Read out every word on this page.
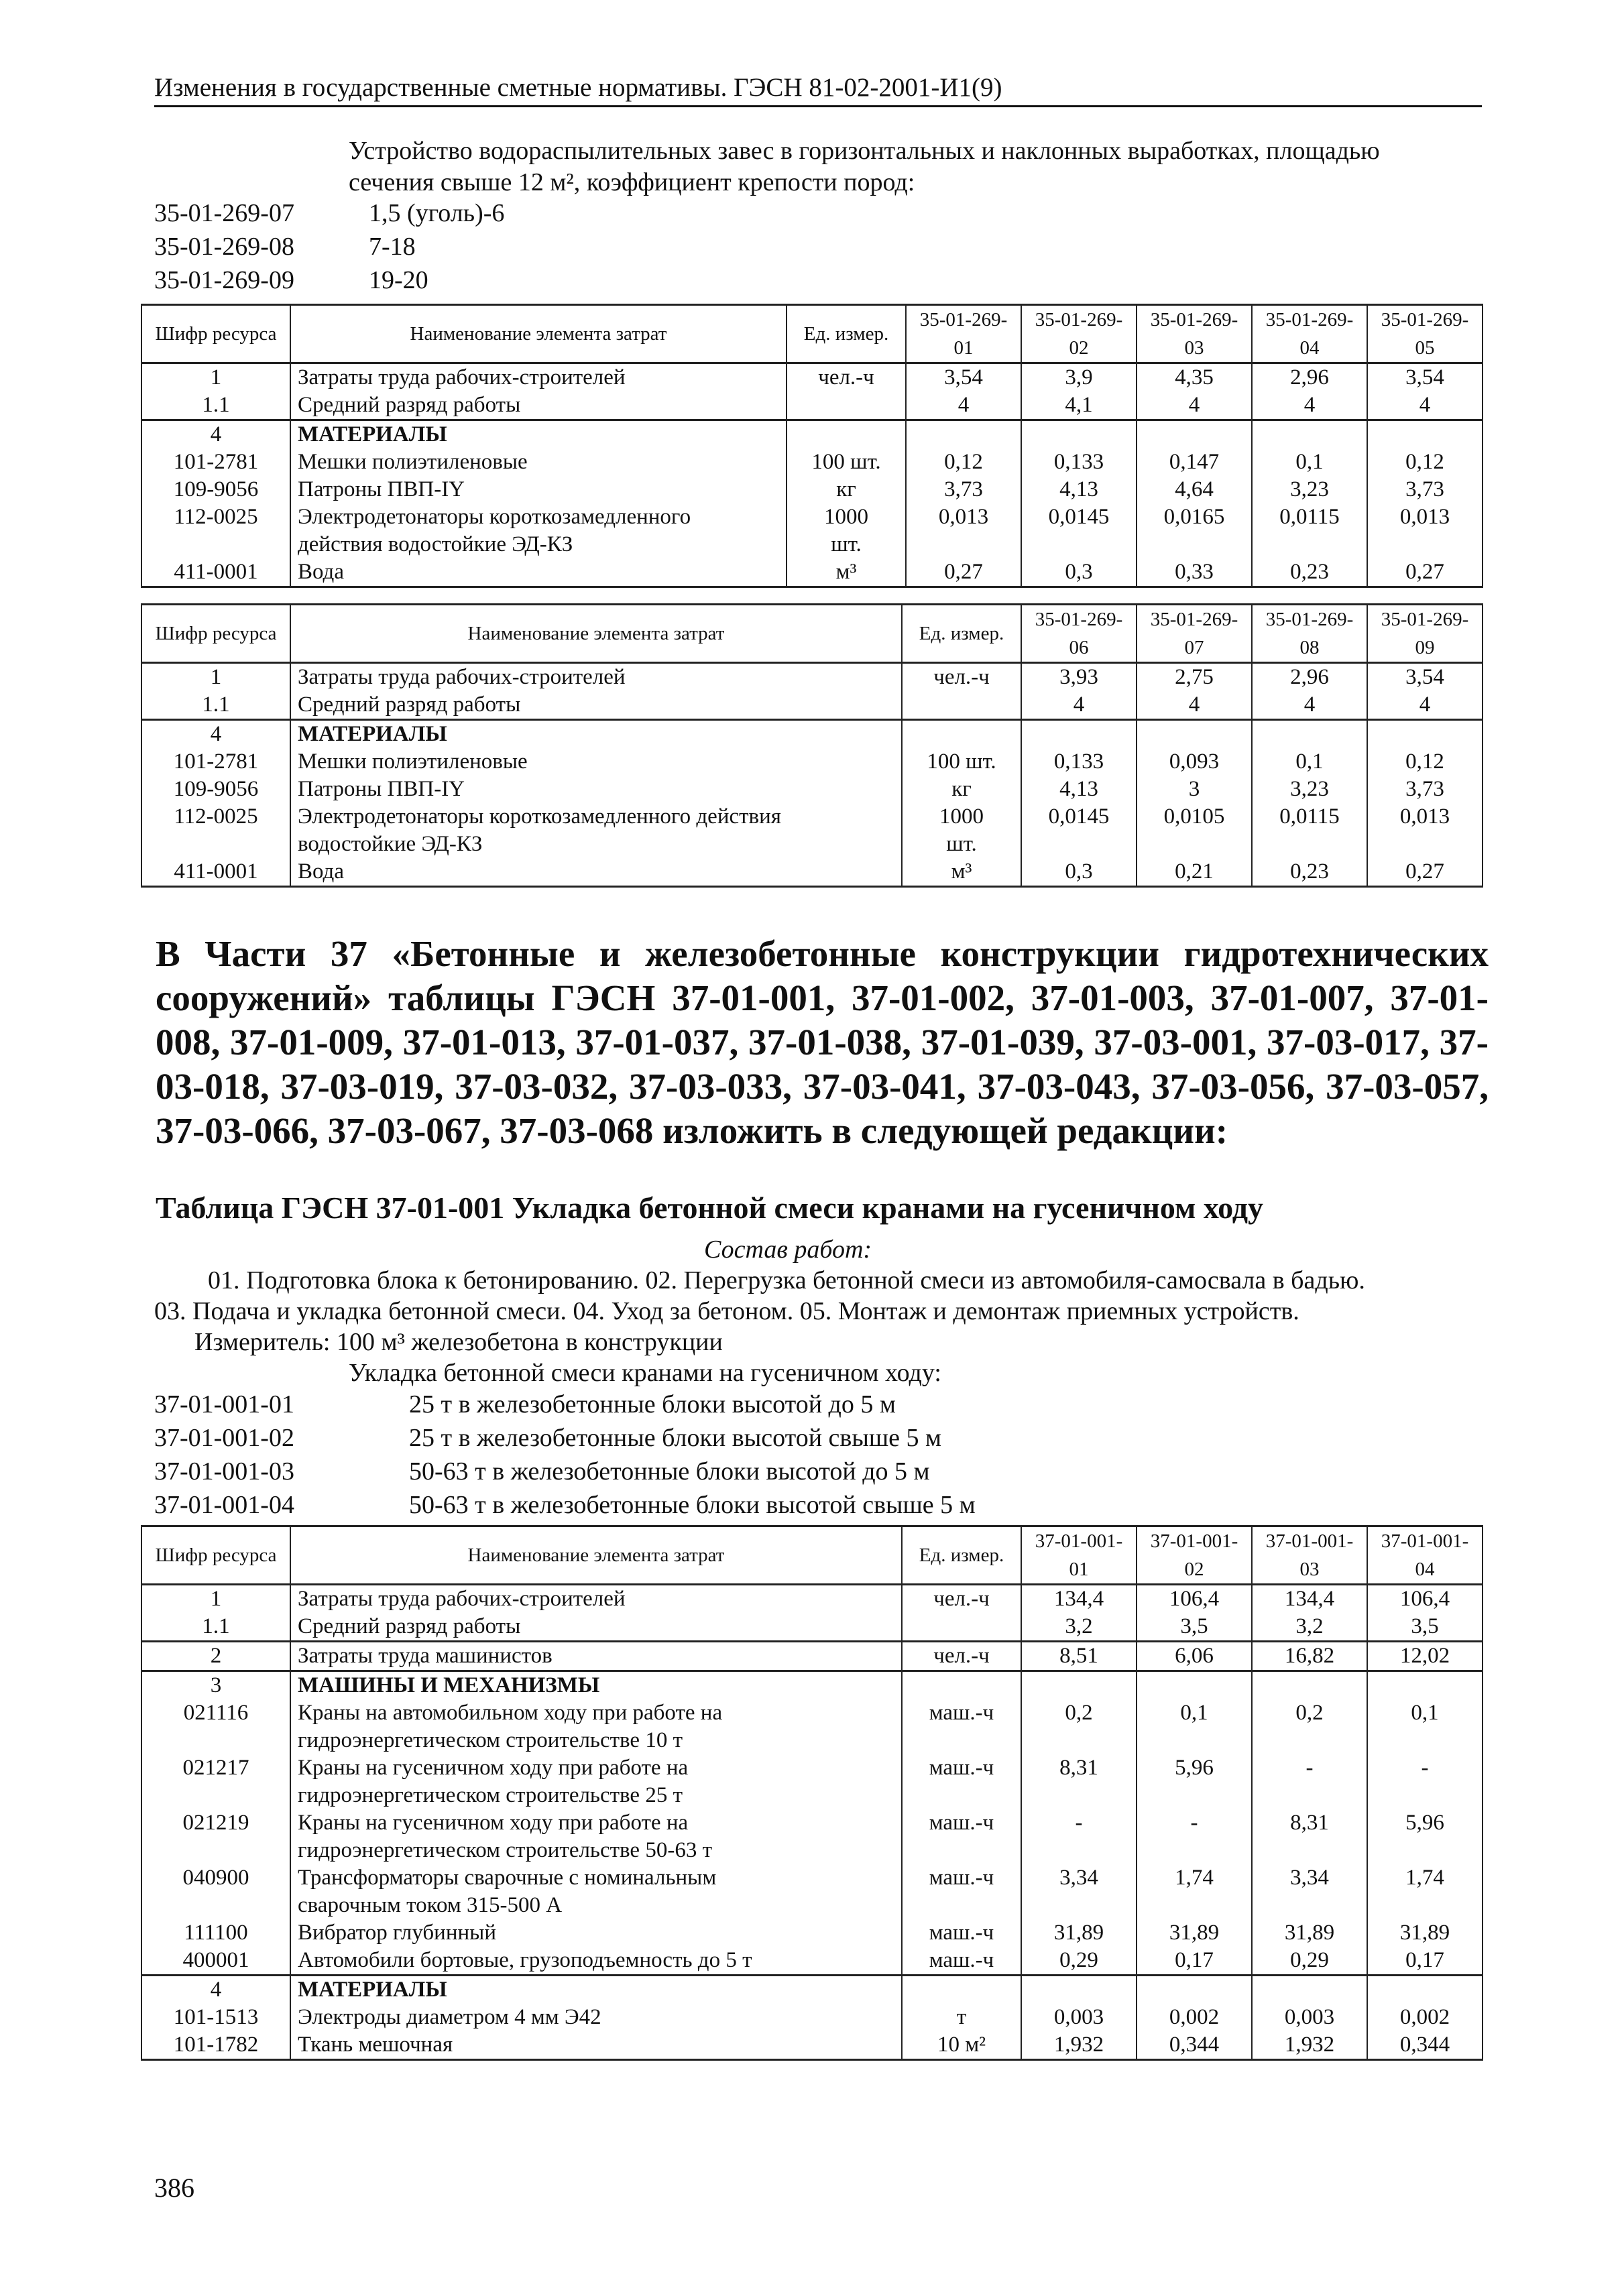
Изменения в государственные сметные нормативы. ГЭСН 81-02-2001-И1(9)
Устройство водораспылительных завес в горизонтальных и наклонных выработках, площадью
сечения свыше 12 м², коэффициент крепости пород:
35-01-269-07	1,5 (уголь)-6
35-01-269-08	7-18
35-01-269-09	19-20
Шифр ресурса	Наименование элемента затрат	Ед. измер.	35-01-269-01	35-01-269-02	35-01-269-03	35-01-269-04	35-01-269-05
1	Затраты труда рабочих-строителей	чел.-ч	3,54	3,9	4,35	2,96	3,54
1.1	Средний разряд работы		4	4,1	4	4	4
4	МАТЕРИАЛЫ						
101-2781	Мешки полиэтиленовые	100 шт.	0,12	0,133	0,147	0,1	0,12
109-9056	Патроны ПВП-IY	кг	3,73	4,13	4,64	3,23	3,73
112-0025	Электродетонаторы короткозамедленного	1000	0,013	0,0145	0,0165	0,0115	0,013
	действия водостойкие ЭД-КЗ	шт.					
411-0001	Вода	м³	0,27	0,3	0,33	0,23	0,27
Шифр ресурса	Наименование элемента затрат	Ед. измер.	35-01-269-06	35-01-269-07	35-01-269-08	35-01-269-09
1	Затраты труда рабочих-строителей	чел.-ч	3,93	2,75	2,96	3,54
1.1	Средний разряд работы		4	4	4	4
4	МАТЕРИАЛЫ					
101-2781	Мешки полиэтиленовые	100 шт.	0,133	0,093	0,1	0,12
109-9056	Патроны ПВП-IY	кг	4,13	3	3,23	3,73
112-0025	Электродетонаторы короткозамедленного действия	1000	0,0145	0,0105	0,0115	0,013
	водостойкие ЭД-КЗ	шт.				
411-0001	Вода	м³	0,3	0,21	0,23	0,27
В Части 37 «Бетонные и железобетонные конструкции гидротехнических сооружений» таблицы ГЭСН 37-01-001, 37-01-002, 37-01-003, 37-01-007, 37-01-008, 37-01-009, 37-01-013, 37-01-037, 37-01-038, 37-01-039, 37-03-001, 37-03-017, 37-03-018, 37-03-019, 37-03-032, 37-03-033, 37-03-041, 37-03-043, 37-03-056, 37-03-057, 37-03-066, 37-03-067, 37-03-068 изложить в следующей редакции:
Таблица ГЭСН 37-01-001 Укладка бетонной смеси кранами на гусеничном ходу
Состав работ:
01. Подготовка блока к бетонированию. 02. Перегрузка бетонной смеси из автомобиля-самосвала в бадью.
03. Подача и укладка бетонной смеси. 04. Уход за бетоном. 05. Монтаж и демонтаж приемных устройств.
Измеритель: 100 м³ железобетона в конструкции
Укладка бетонной смеси кранами на гусеничном ходу:
37-01-001-01	25 т в железобетонные блоки высотой до 5 м
37-01-001-02	25 т в железобетонные блоки высотой свыше 5 м
37-01-001-03	50-63 т в железобетонные блоки высотой до 5 м
37-01-001-04	50-63 т в железобетонные блоки высотой свыше 5 м
Шифр ресурса	Наименование элемента затрат	Ед. измер.	37-01-001-01	37-01-001-02	37-01-001-03	37-01-001-04
1	Затраты труда рабочих-строителей	чел.-ч	134,4	106,4	134,4	106,4
1.1	Средний разряд работы		3,2	3,5	3,2	3,5
2	Затраты труда машинистов	чел.-ч	8,51	6,06	16,82	12,02
3	МАШИНЫ И МЕХАНИЗМЫ					
021116	Краны на автомобильном ходу при работе на	маш.-ч	0,2	0,1	0,2	0,1
	гидроэнергетическом строительстве 10 т					
021217	Краны на гусеничном ходу при работе на	маш.-ч	8,31	5,96	-	-
	гидроэнергетическом строительстве 25 т					
021219	Краны на гусеничном ходу при работе на	маш.-ч	-	-	8,31	5,96
	гидроэнергетическом строительстве 50-63 т					
040900	Трансформаторы сварочные с номинальным	маш.-ч	3,34	1,74	3,34	1,74
	сварочным током 315-500 А					
111100	Вибратор глубинный	маш.-ч	31,89	31,89	31,89	31,89
400001	Автомобили бортовые, грузоподъемность до 5 т	маш.-ч	0,29	0,17	0,29	0,17
4	МАТЕРИАЛЫ					
101-1513	Электроды диаметром 4 мм Э42	т	0,003	0,002	0,003	0,002
101-1782	Ткань мешочная	10 м²	1,932	0,344	1,932	0,344
386
